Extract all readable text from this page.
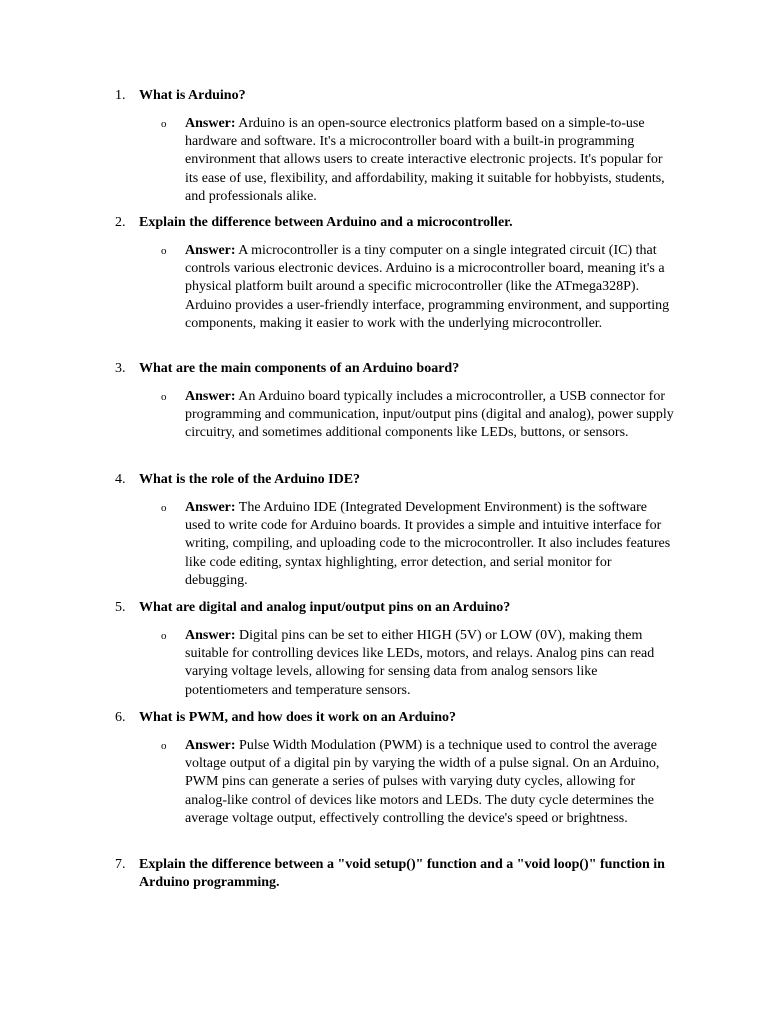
1. What is Arduino?

o Answer: Arduino is an open-source electronics platform based on a simple-to-use hardware and software. It's a microcontroller board with a built-in programming environment that allows users to create interactive electronic projects. It's popular for its ease of use, flexibility, and affordability, making it suitable for hobbyists, students, and professionals alike.

2. Explain the difference between Arduino and a microcontroller.

o Answer: A microcontroller is a tiny computer on a single integrated circuit (IC) that controls various electronic devices. Arduino is a microcontroller board, meaning it's a physical platform built around a specific microcontroller (like the ATmega328P). Arduino provides a user-friendly interface, programming environment, and supporting components, making it easier to work with the underlying microcontroller.

3. What are the main components of an Arduino board?

o Answer: An Arduino board typically includes a microcontroller, a USB connector for programming and communication, input/output pins (digital and analog), power supply circuitry, and sometimes additional components like LEDs, buttons, or sensors.

4. What is the role of the Arduino IDE?

o Answer: The Arduino IDE (Integrated Development Environment) is the software used to write code for Arduino boards. It provides a simple and intuitive interface for writing, compiling, and uploading code to the microcontroller. It also includes features like code editing, syntax highlighting, error detection, and serial monitor for debugging.

5. What are digital and analog input/output pins on an Arduino?

o Answer: Digital pins can be set to either HIGH (5V) or LOW (0V), making them suitable for controlling devices like LEDs, motors, and relays. Analog pins can read varying voltage levels, allowing for sensing data from analog sensors like potentiometers and temperature sensors.

6. What is PWM, and how does it work on an Arduino?

o Answer: Pulse Width Modulation (PWM) is a technique used to control the average voltage output of a digital pin by varying the width of a pulse signal. On an Arduino, PWM pins can generate a series of pulses with varying duty cycles, allowing for analog-like control of devices like motors and LEDs. The duty cycle determines the average voltage output, effectively controlling the device's speed or brightness.

7. Explain the difference between a "void setup()" function and a "void loop()" function in Arduino programming.
